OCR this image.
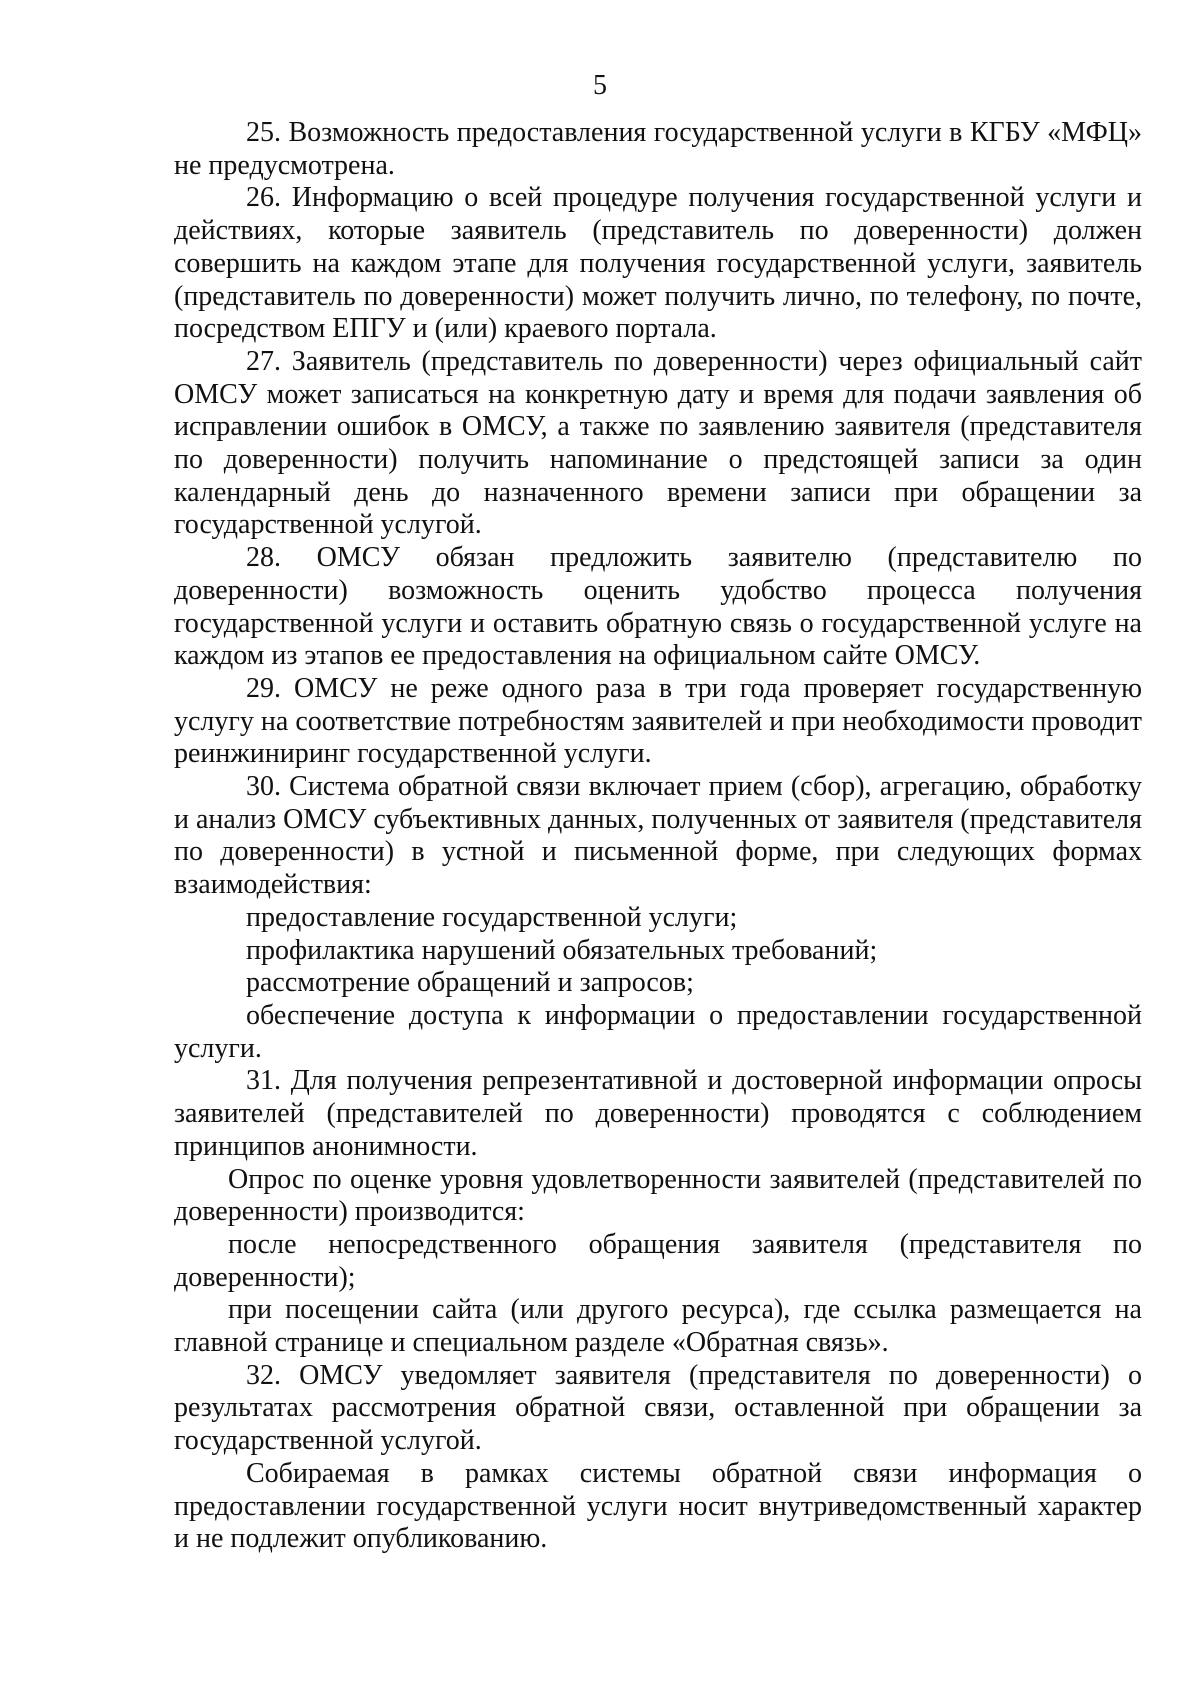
5

25. Возможность предоставления государственной услуги в КГБУ «МФЦ» не предусмотрена.

26. Информацию о всей процедуре получения государственной услуги и действиях, которые заявитель (представитель по доверенности) должен совершить на каждом этапе для получения государственной услуги, заявитель (представитель по доверенности) может получить лично, по телефону, по почте, посредством ЕПГУ и (или) краевого портала.

27. Заявитель (представитель по доверенности) через официальный сайт ОМСУ может записаться на конкретную дату и время для подачи заявления об исправлении ошибок в ОМСУ, а также по заявлению заявителя (представителя по доверенности) получить напоминание о предстоящей записи за один календарный день до назначенного времени записи при обращении за государственной услугой.

28. ОМСУ обязан предложить заявителю (представителю по доверенности) возможность оценить удобство процесса получения государственной услуги и оставить обратную связь о государственной услуге на каждом из этапов ее предоставления на официальном сайте ОМСУ.

29. ОМСУ не реже одного раза в три года проверяет государственную услугу на соответствие потребностям заявителей и при необходимости проводит реинжиниринг государственной услуги.

30. Система обратной связи включает прием (сбор), агрегацию, обработку и анализ ОМСУ субъективных данных, полученных от заявителя (представителя по доверенности) в устной и письменной форме, при следующих формах взаимодействия:

предоставление государственной услуги;

профилактика нарушений обязательных требований;

рассмотрение обращений и запросов;

обеспечение доступа к информации о предоставлении государственной услуги.

31. Для получения репрезентативной и достоверной информации опросы заявителей (представителей по доверенности) проводятся с соблюдением принципов анонимности.

Опрос по оценке уровня удовлетворенности заявителей (представителей по доверенности) производится:

после непосредственного обращения заявителя (представителя по доверенности);

при посещении сайта (или другого ресурса), где ссылка размещается на главной странице и специальном разделе «Обратная связь».

32. ОМСУ уведомляет заявителя (представителя по доверенности) о результатах рассмотрения обратной связи, оставленной при обращении за государственной услугой.

Собираемая в рамках системы обратной связи информация о предоставлении государственной услуги носит внутриведомственный характер и не подлежит опубликованию.
